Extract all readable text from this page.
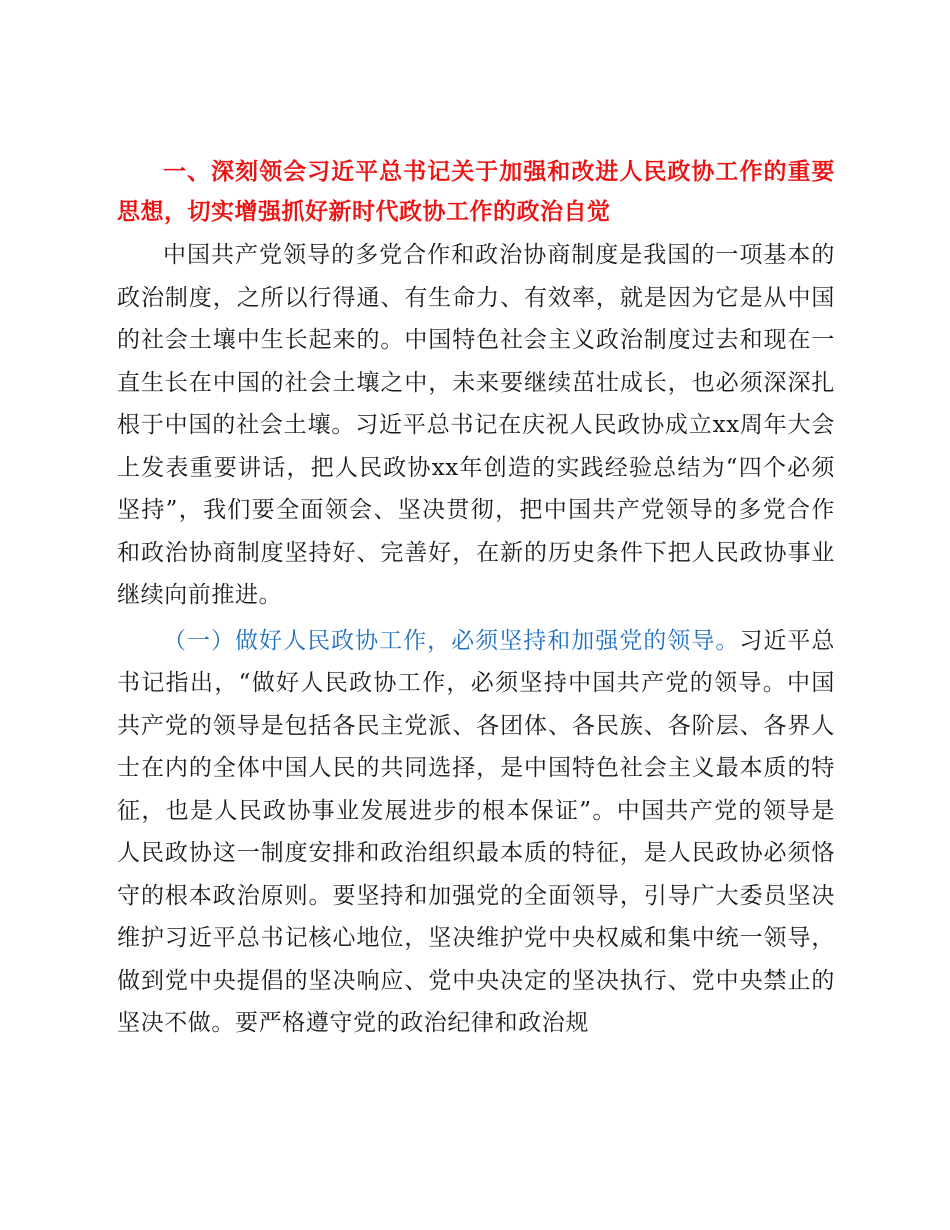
一、深刻领会习近平总书记关于加强和改进人民政协工作的重要思想，切实增强抓好新时代政协工作的政治自觉

中国共产党领导的多党合作和政治协商制度是我国的一项基本的政治制度，之所以行得通、有生命力、有效率，就是因为它是从中国的社会土壤中生长起来的。中国特色社会主义政治制度过去和现在一直生长在中国的社会土壤之中，未来要继续茁壮成长，也必须深深扎根于中国的社会土壤。习近平总书记在庆祝人民政协成立xx周年大会上发表重要讲话，把人民政协xx年创造的实践经验总结为“四个必须坚持”，我们要全面领会、坚决贯彻，把中国共产党领导的多党合作和政治协商制度坚持好、完善好，在新的历史条件下把人民政协事业继续向前推进。

（一）做好人民政协工作，必须坚持和加强党的领导。习近平总书记指出，“做好人民政协工作，必须坚持中国共产党的领导。中国共产党的领导是包括各民主党派、各团体、各民族、各阶层、各界人士在内的全体中国人民的共同选择，是中国特色社会主义最本质的特征，也是人民政协事业发展进步的根本保证”。中国共产党的领导是人民政协这一制度安排和政治组织最本质的特征，是人民政协必须恪守的根本政治原则。要坚持和加强党的全面领导，引导广大委员坚决维护习近平总书记核心地位，坚决维护党中央权威和集中统一领导，做到党中央提倡的坚决响应、党中央决定的坚决执行、党中央禁止的坚决不做。要严格遵守党的政治纪律和政治规
